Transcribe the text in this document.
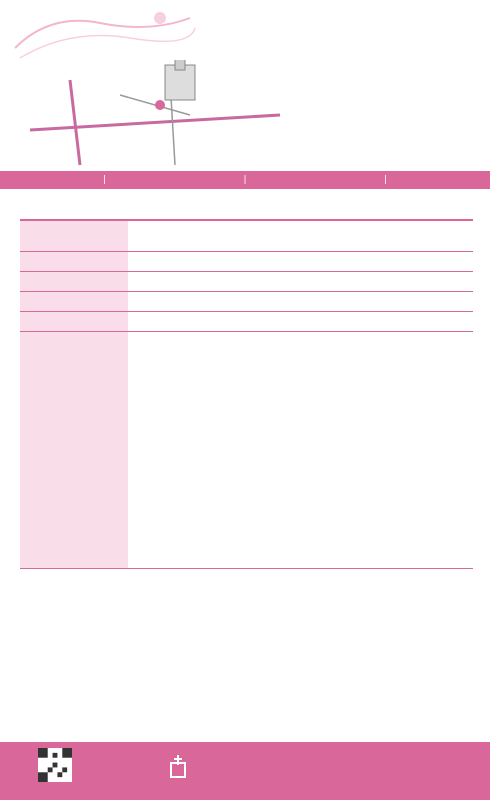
|	|	|
